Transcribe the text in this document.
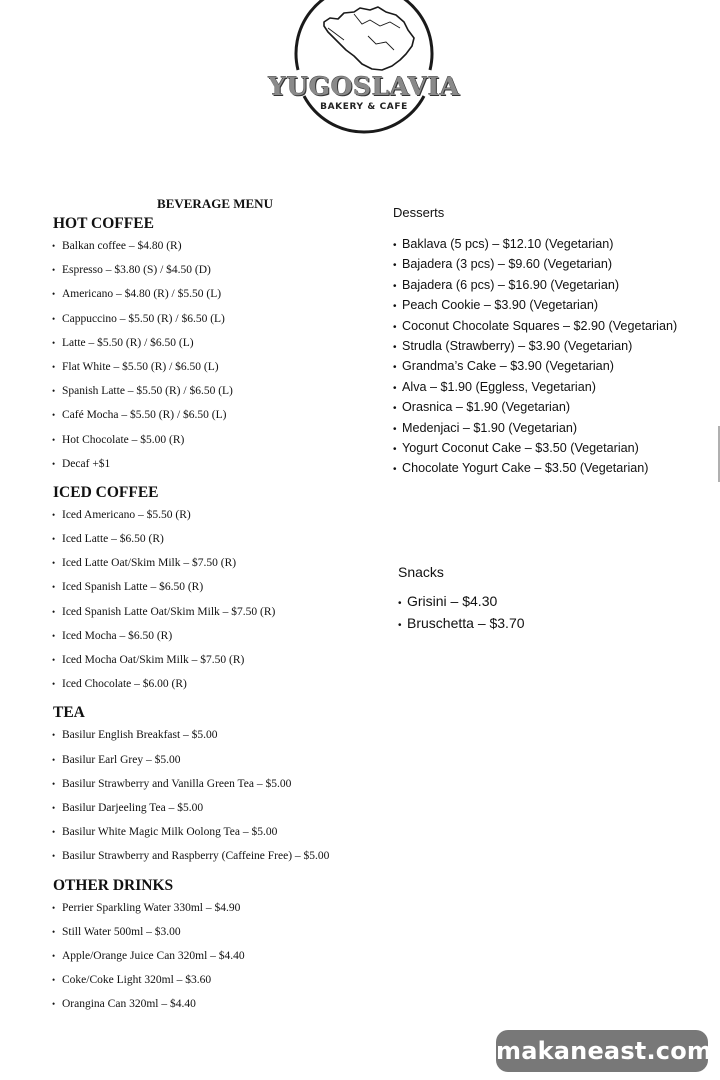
YUGOSLAVIA
BAKERY & CAFE
BEVERAGE MENU
HOT COFFEE
• Balkan coffee – $4.80 (R)
• Espresso – $3.80 (S) / $4.50 (D)
• Americano – $4.80 (R) / $5.50 (L)
• Cappuccino – $5.50 (R) / $6.50 (L)
• Latte – $5.50 (R) / $6.50 (L)
• Flat White – $5.50 (R) / $6.50 (L)
• Spanish Latte – $5.50 (R) / $6.50 (L)
• Café Mocha – $5.50 (R) / $6.50 (L)
• Hot Chocolate – $5.00 (R)
• Decaf +$1
ICED COFFEE
• Iced Americano – $5.50 (R)
• Iced Latte – $6.50 (R)
• Iced Latte Oat/Skim Milk – $7.50 (R)
• Iced Spanish Latte – $6.50 (R)
• Iced Spanish Latte Oat/Skim Milk – $7.50 (R)
• Iced Mocha – $6.50 (R)
• Iced Mocha Oat/Skim Milk – $7.50 (R)
• Iced Chocolate – $6.00 (R)
TEA
• Basilur English Breakfast – $5.00
• Basilur Earl Grey – $5.00
• Basilur Strawberry and Vanilla Green Tea – $5.00
• Basilur Darjeeling Tea – $5.00
• Basilur White Magic Milk Oolong Tea – $5.00
• Basilur Strawberry and Raspberry (Caffeine Free) – $5.00
OTHER DRINKS
• Perrier Sparkling Water 330ml – $4.90
• Still Water 500ml – $3.00
• Apple/Orange Juice Can 320ml – $4.40
• Coke/Coke Light 320ml – $3.60
• Orangina Can 320ml – $4.40
Desserts
• Baklava (5 pcs) – $12.10 (Vegetarian)
• Bajadera (3 pcs) – $9.60 (Vegetarian)
• Bajadera (6 pcs) – $16.90 (Vegetarian)
• Peach Cookie – $3.90 (Vegetarian)
• Coconut Chocolate Squares – $2.90 (Vegetarian)
• Strudla (Strawberry) – $3.90 (Vegetarian)
• Grandma’s Cake – $3.90 (Vegetarian)
• Alva – $1.90 (Eggless, Vegetarian)
• Orasnica – $1.90 (Vegetarian)
• Medenjaci – $1.90 (Vegetarian)
• Yogurt Coconut Cake – $3.50 (Vegetarian)
• Chocolate Yogurt Cake – $3.50 (Vegetarian)
Snacks
• Grisini – $4.30
• Bruschetta – $3.70
makaneast.com
